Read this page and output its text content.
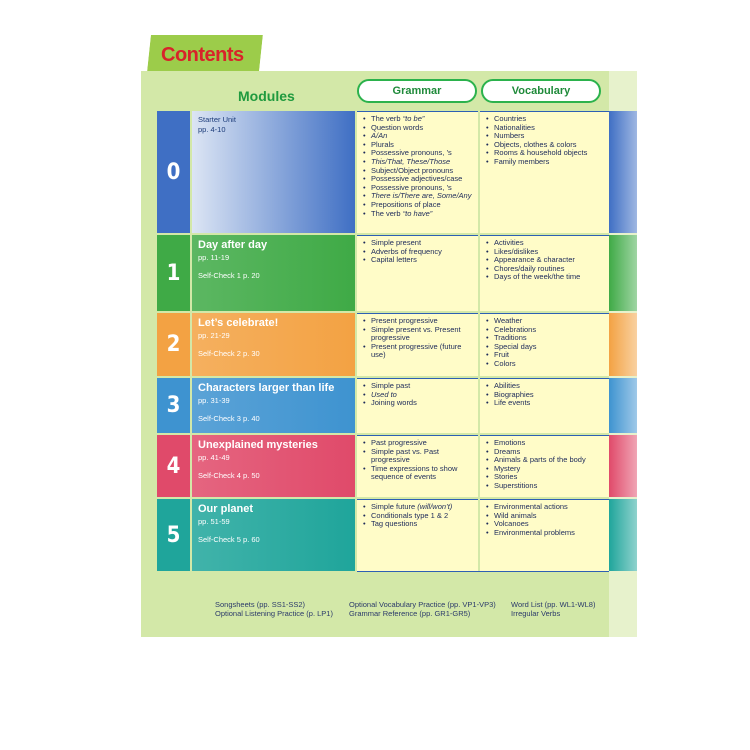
Contents
Modules	Grammar	Vocabulary
0
Starter Unit
pp. 4-10
• The verb “to be”
• Question words
• A/An
• Plurals
• Possessive pronouns, ’s
• This/That, These/Those
• Subject/Object pronouns
• Possessive adjectives/case
• Possessive pronouns, ’s
• There is/There are, Some/Any
• Prepositions of place
• The verb “to have”
• Countries
• Nationalities
• Numbers
• Objects, clothes & colors
• Rooms & household objects
• Family members
1
Day after day
pp. 11-19
Self-Check 1 p. 20
• Simple present
• Adverbs of frequency
• Capital letters
• Activities
• Likes/dislikes
• Appearance & character
• Chores/daily routines
• Days of the week/the time
2
Let’s celebrate!
pp. 21-29
Self-Check 2 p. 30
• Present progressive
• Simple present vs. Present progressive
• Present progressive (future use)
• Weather
• Celebrations
• Traditions
• Special days
• Fruit
• Colors
3
Characters larger than life
pp. 31-39
Self-Check 3 p. 40
• Simple past
• Used to
• Joining words
• Abilities
• Biographies
• Life events
4
Unexplained mysteries
pp. 41-49
Self-Check 4 p. 50
• Past progressive
• Simple past vs. Past progressive
• Time expressions to show sequence of events
• Emotions
• Dreams
• Animals & parts of the body
• Mystery
• Stories
• Superstitions
5
Our planet
pp. 51-59
Self-Check 5 p. 60
• Simple future (will/won’t)
• Conditionals type 1 & 2
• Tag questions
• Environmental actions
• Wild animals
• Volcanoes
• Environmental problems
Songsheets (pp. SS1-SS2)
Optional Listening Practice (p. LP1)
Optional Vocabulary Practice (pp. VP1-VP3)
Grammar Reference (pp. GR1-GR5)
Word List (pp. WL1-WL8)
Irregular Verbs
